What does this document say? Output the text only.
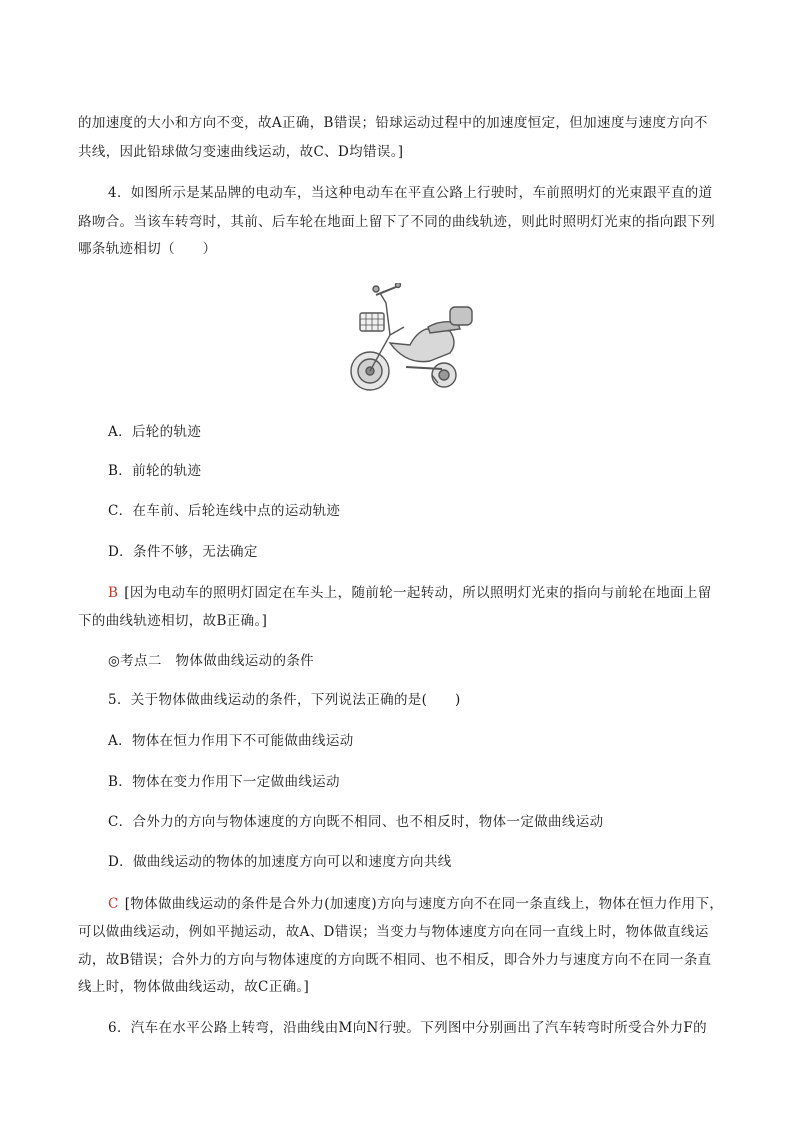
的加速度的大小和方向不变，故A正确，B错误；铅球运动过程中的加速度恒定，但加速度与速度方向不
共线，因此铅球做匀变速曲线运动，故C、D均错误。]
4．如图所示是某品牌的电动车，当这种电动车在平直公路上行驶时，车前照明灯的光束跟平直的道
路吻合。当该车转弯时，其前、后车轮在地面上留下了不同的曲线轨迹，则此时照明灯光束的指向跟下列
哪条轨迹相切（　　）
A．后轮的轨迹
B．前轮的轨迹
C．在车前、后轮连线中点的运动轨迹
D．条件不够，无法确定
B [因为电动车的照明灯固定在车头上，随前轮一起转动，所以照明灯光束的指向与前轮在地面上留
下的曲线轨迹相切，故B正确。]
◎考点二　物体做曲线运动的条件
5．关于物体做曲线运动的条件，下列说法正确的是(　　)
A．物体在恒力作用下不可能做曲线运动
B．物体在变力作用下一定做曲线运动
C．合外力的方向与物体速度的方向既不相同、也不相反时，物体一定做曲线运动
D．做曲线运动的物体的加速度方向可以和速度方向共线
C [物体做曲线运动的条件是合外力(加速度)方向与速度方向不在同一条直线上，物体在恒力作用下，
可以做曲线运动，例如平抛运动，故A、D错误；当变力与物体速度方向在同一直线上时，物体做直线运
动，故B错误；合外力的方向与物体速度的方向既不相同、也不相反，即合外力与速度方向不在同一条直
线上时，物体做曲线运动，故C正确。]
6．汽车在水平公路上转弯，沿曲线由M向N行驶。下列图中分别画出了汽车转弯时所受合外力F的
